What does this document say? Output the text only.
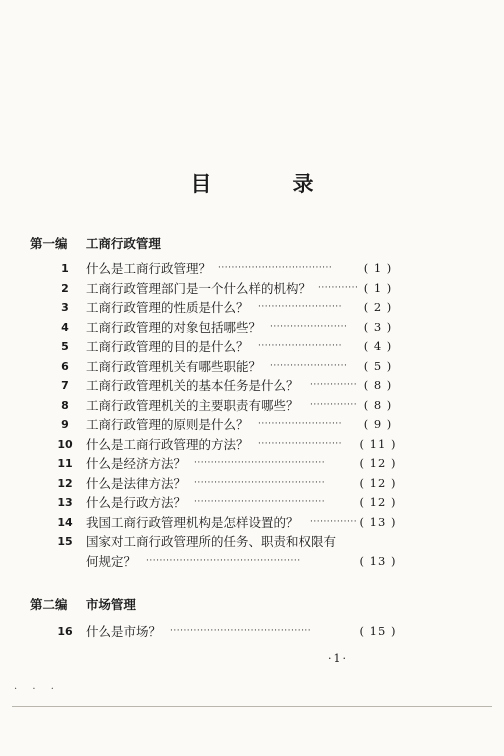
目　录
第一编 工商行政管理
1	什么是工商行政管理？ ··································	( 1 )
2	工商行政管理部门是一个什么样的机构？ ············ ( 1 )
3	工商行政管理的性质是什么？ ·························	( 2 )
4	工商行政管理的对象包括哪些？ ·······················	( 3 )
5	工商行政管理的目的是什么？ ·························	( 4 )
6	工商行政管理机关有哪些职能？ ·······················	( 5 )
7	工商行政管理机关的基本任务是什么？ ·············· ( 8 )
8	工商行政管理机关的主要职责有哪些？ ·············· ( 8 )
9	工商行政管理的原则是什么？ ·························	( 9 )
10 什么是工商行政管理的方法？ ·························	( 11 )
11 什么是经济方法？ ·······································	( 12 )
12 什么是法律方法？ ·······································	( 12 )
13 什么是行政方法？ ·······································	( 12 )
14 我国工商行政管理机构是怎样设置的？ ·············· ( 13 )
15 国家对工商行政管理所的任务、职责和权限有
何规定？ ··············································	( 13 )
第二编 市场管理
16 什么是市场？ ··········································	( 15 )
·1·
· · ·
